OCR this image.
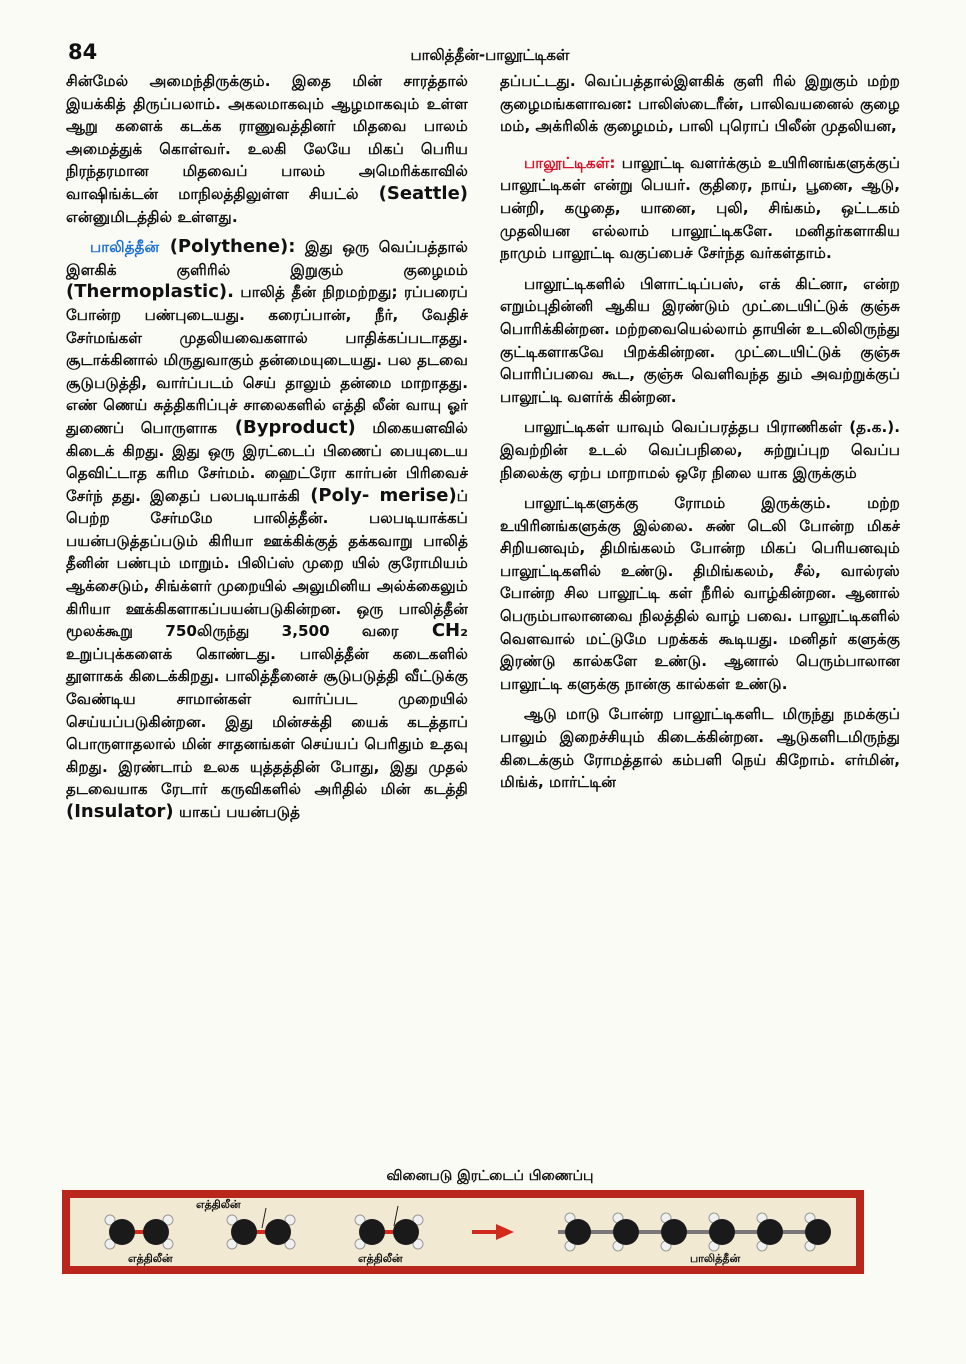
84	பாலித்தீன்-பாலூட்டிகள்

சின்மேல் அமைந்திருக்கும். இதை மின் சாரத்தால் இயக்கித் திருப்பலாம். அகலமாகவும் ஆழமாகவும் உள்ள ஆறு களைக் கடக்க ராணுவத்தினர் மிதவை பாலம் அமைத்துக் கொள்வர். உலகி லேயே மிகப் பெரிய நிரந்தரமான மிதவைப் பாலம் அமெரிக்காவில் வாஷிங்க்டன் மாநிலத்திலுள்ள சியட்ல் (Seattle) என்னுமிடத்தில் உள்ளது.

பாலித்தீன் (Polythene): இது ஒரு வெப்பத்தால் இளகிக் குளிரில் இறுகும் குழைமம் (Thermoplastic). பாலித் தீன் நிறமற்றது; ரப்பரைப் போன்ற பண்புடையது. கரைப்பான், நீர், வேதிச் சேர்மங்கள் முதலியவைகளால் பாதிக்கப்படாதது. சூடாக்கினால் மிருதுவாகும் தன்மையுடையது. பல தடவை சூடுபடுத்தி, வார்ப்படம் செய் தாலும் தன்மை மாறாதது. எண் ணெய் சுத்திகரிப்புச் சாலைகளில் எத்தி லீன் வாயு ஓர் துணைப் பொருளாக (Byproduct) மிகையளவில் கிடைக் கிறது. இது ஒரு இரட்டைப் பிணைப் பையுடைய தெவிட்டாத கரிம சேர்மம். ஹைட்ரோ கார்பன் பிரிவைச் சேர்ந் தது. இதைப் பலபடியாக்கி (Poly- merise)ப் பெற்ற சேர்மமே பாலித்தீன். பலபடியாக்கப் பயன்படுத்தப்படும் கிரியா ஊக்கிக்குத் தக்கவாறு பாலித் தீனின் பண்பும் மாறும். பிலிப்ஸ் முறை யில் குரோமியம் ஆக்சைடும், சிங்க்ளர் முறையில் அலுமினிய அல்க்கைலும் கிரியா ஊக்கிகளாகப்பயன்படுகின்றன. ஒரு பாலித்தீன் மூலக்கூறு 750லிருந்து 3,500 வரை CH₂ உறுப்புக்களைக் கொண்டது. பாலித்தீன் கடைகளில் தூளாகக் கிடைக்கிறது. பாலித்தீனைச் சூடுபடுத்தி வீட்டுக்கு வேண்டிய சாமான்கள் வார்ப்பட முறையில் செய்யப்படுகின்றன. இது மின்சக்தி யைக் கடத்தாப் பொருளாதலால் மின் சாதனங்கள் செய்யப் பெரிதும் உதவு கிறது. இரண்டாம் உலக யுத்தத்தின் போது, இது முதல் தடவையாக ரேடார் கருவிகளில் அரிதில் மின் கடத்தி (Insulator) யாகப் பயன்படுத்

தப்பட்டது. வெப்பத்தால்இளகிக் குளி ரில் இறுகும் மற்ற குழைமங்களாவன: பாலிஸ்டைரீன், பாலிவயனைல் குழை மம், அக்ரிலிக் குழைமம், பாலி புரொப் பிலீன் முதலியன,

பாலூட்டிகள்: பாலூட்டி வளர்க்கும் உயிரினங்களுக்குப் பாலூட்டிகள் என்று பெயர். குதிரை, நாய், பூனை, ஆடு, பன்றி, கழுதை, யானை, புலி, சிங்கம், ஒட்டகம் முதலியன எல்லாம் பாலூட்டிகளே. மனிதர்களாகிய நாமும் பாலூட்டி வகுப்பைச் சேர்ந்த வர்கள்தாம்.

பாலூட்டிகளில் பிளாட்டிப்பஸ், எக் கிட்னா, என்ற எறும்புதின்னி ஆகிய இரண்டும் முட்டையிட்டுக் குஞ்சு பொரிக்கின்றன. மற்றவையெல்லாம் தாயின் உடலிலிருந்து குட்டிகளாகவே பிறக்கின்றன. முட்டையிட்டுக் குஞ்சு பொரிப்பவை கூட, குஞ்சு வெளிவந்த தும் அவற்றுக்குப் பாலூட்டி வளர்க் கின்றன.

பாலூட்டிகள் யாவும் வெப்பரத்தப பிராணிகள் (த.க.). இவற்றின் உடல் வெப்பநிலை, சுற்றுப்புற வெப்ப நிலைக்கு ஏற்ப மாறாமல் ஒரே நிலை யாக இருக்கும்

பாலூட்டிகளுக்கு ரோமம் இருக்கும். மற்ற உயிரினங்களுக்கு இல்லை. சுண் டெலி போன்ற மிகச் சிறியனவும், திமிங்கலம் போன்ற மிகப் பெரியனவும் பாலூட்டிகளில் உண்டு. திமிங்கலம், சீல், வால்ரஸ் போன்ற சில பாலூட்டி கள் நீரில் வாழ்கின்றன. ஆனால் பெரும்பாலானவை நிலத்தில் வாழ் பவை. பாலூட்டிகளில் வௌவால் மட்டுமே பறக்கக் கூடியது. மனிதர் களுக்கு இரண்டு கால்களே உண்டு. ஆனால் பெரும்பாலான பாலூட்டி களுக்கு நான்கு கால்கள் உண்டு.

ஆடு மாடு போன்ற பாலூட்டிகளிட மிருந்து நமக்குப் பாலும் இறைச்சியும் கிடைக்கின்றன. ஆடுகளிடமிருந்து கிடைக்கும் ரோமத்தால் கம்பளி நெய் கிறோம். எர்மின், மிங்க், மார்ட்டின்

வினைபடு இரட்டைப் பிணைப்பு
எத்திலீன்
எத்திலீன்	எத்திலீன்	பாலித்தீன்
